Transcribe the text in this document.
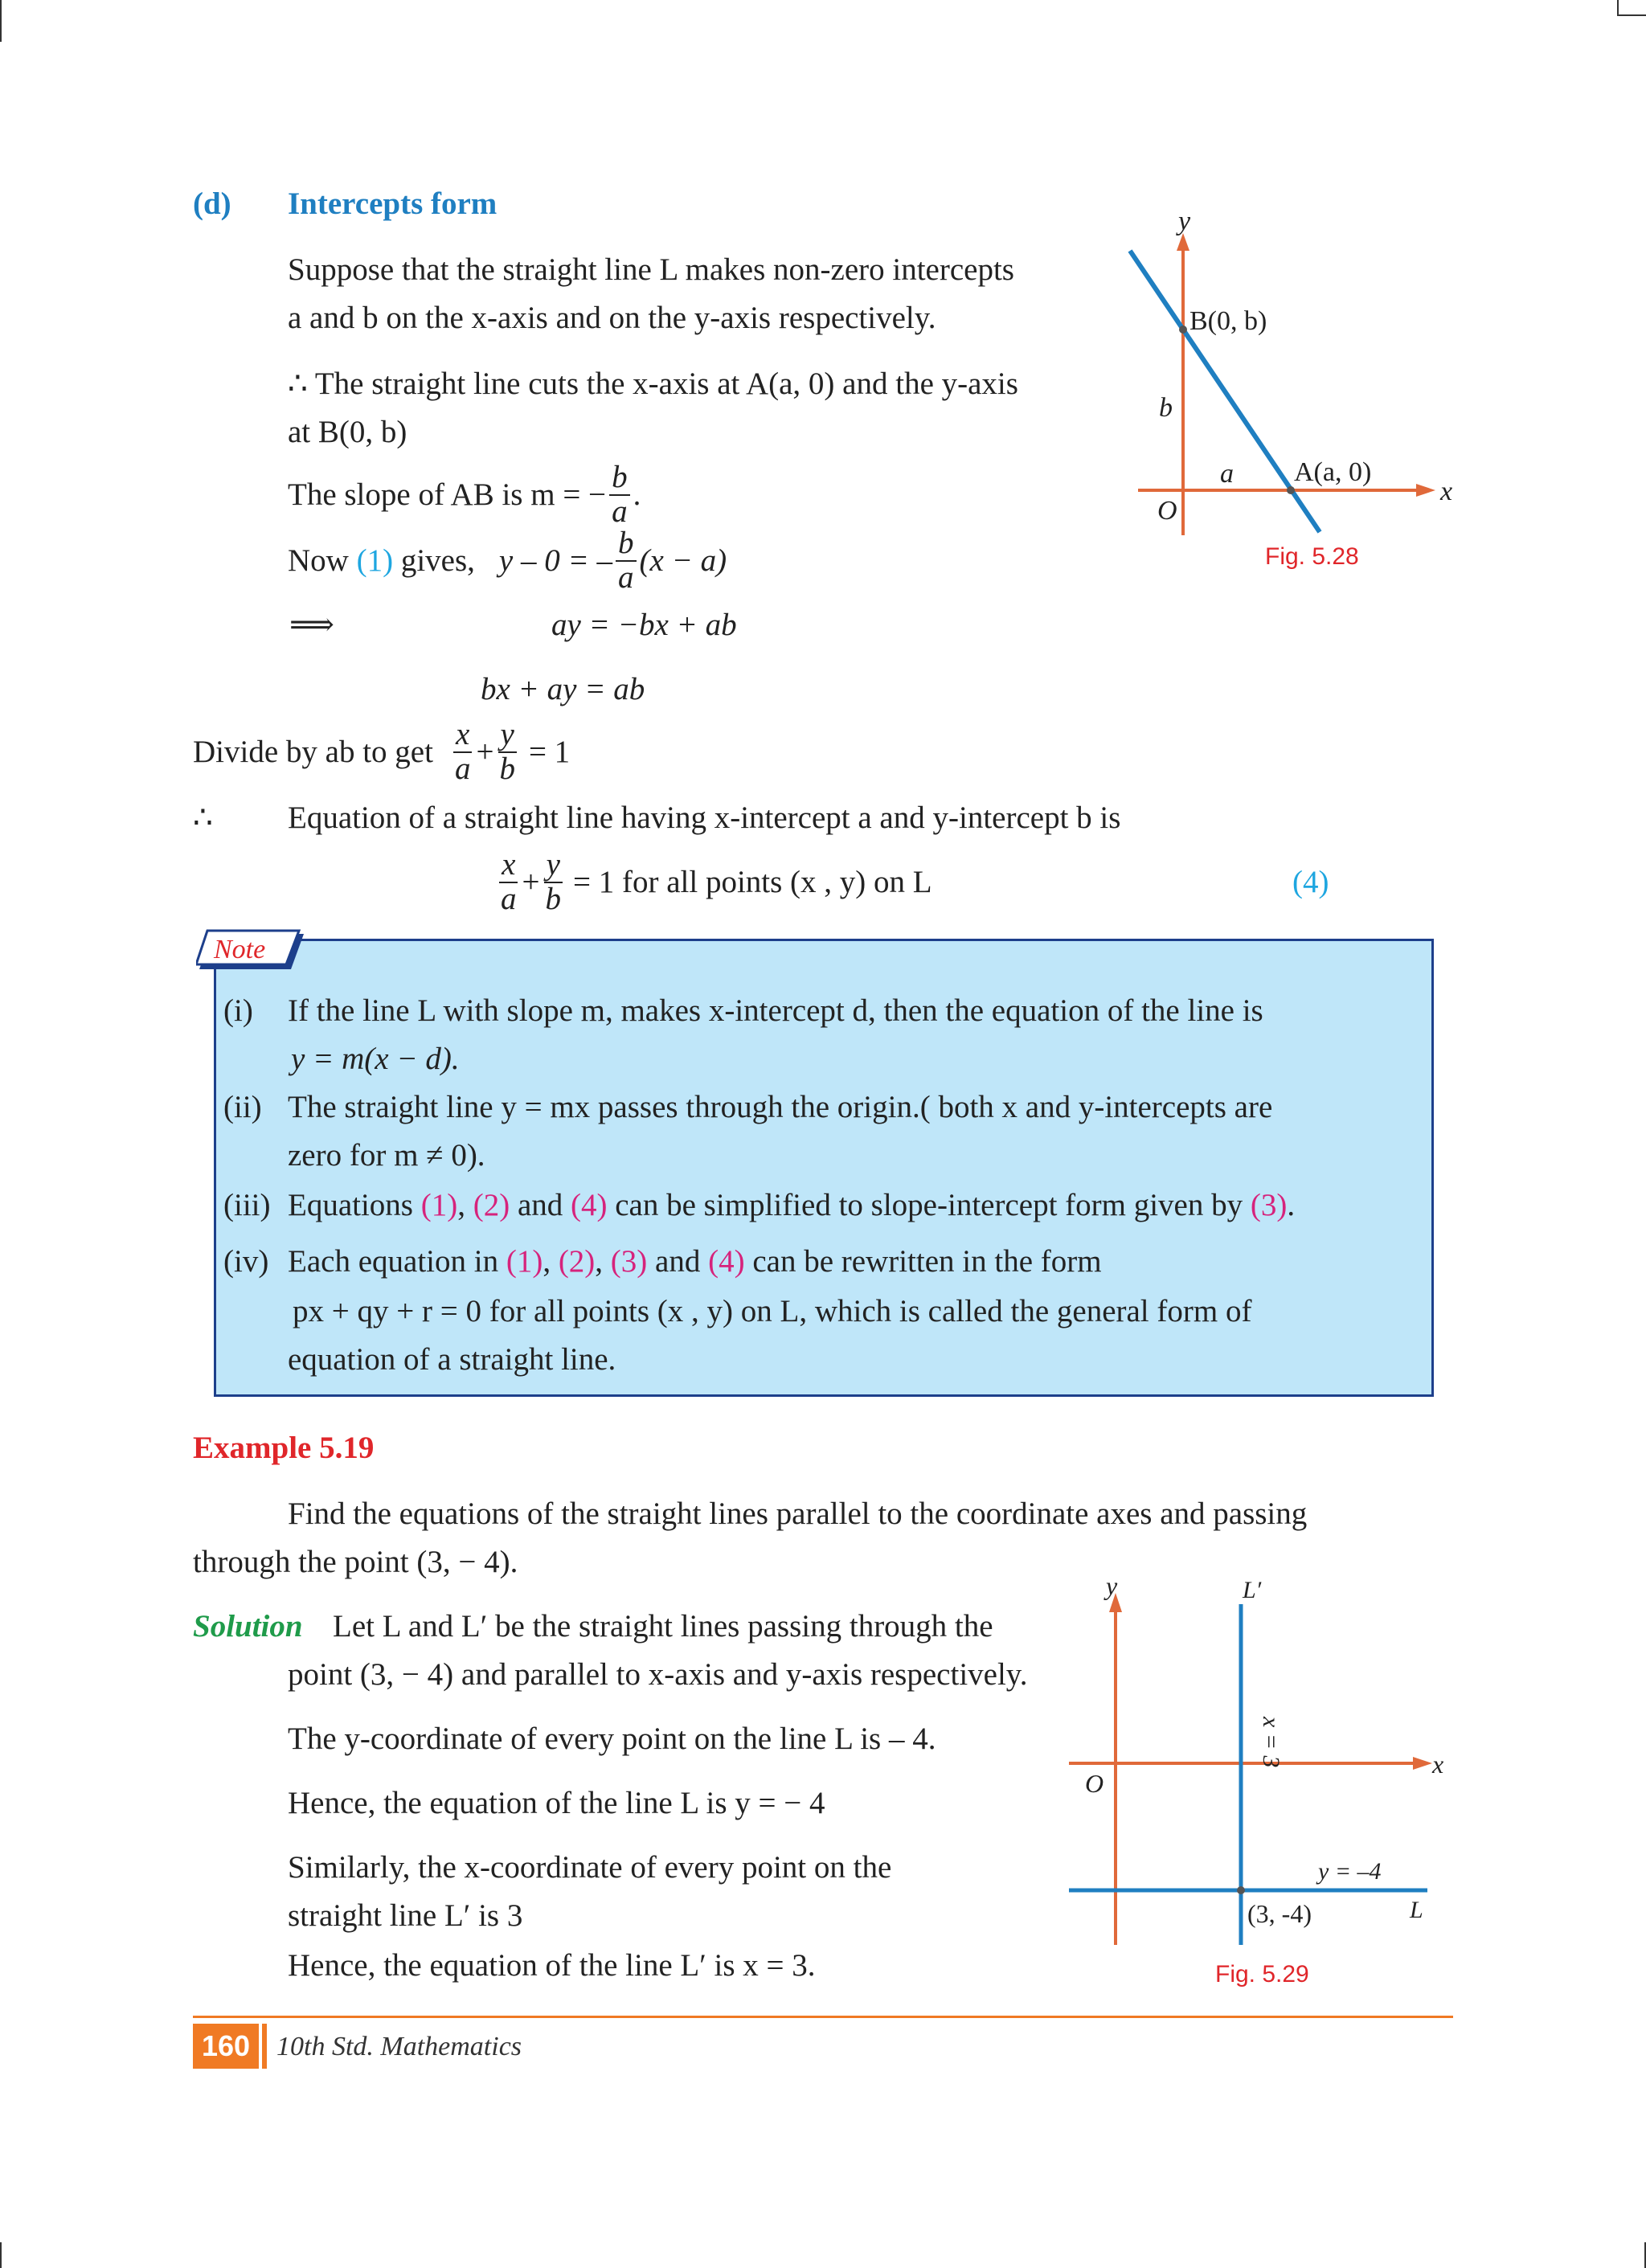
(d) Intercepts form
Suppose that the straight line L makes non-zero intercepts
a and b on the x-axis and on the y-axis respectively.
∴ The straight line cuts the x-axis at A(a, 0) and the y-axis
at B(0, b)
The slope of AB is m = − $\frac{b}{a}$ .
Now
(1)
gives, y – 0 = – $\frac{b}{a} (x - a)$
⟹	ay = −bx + ab
bx + ay = ab
Divide by ab to get $\frac{x}{a} + \frac{y}{b} = 1$
∴ Equation of a straight line having x-intercept a and y-intercept b is
$\frac{x}{a} + \frac{y}{b} = 1$ for all points (x , y) on L	(4)
y
x
O
B(0, b)
A(a, 0)
b
a
Fig. 5.28
Note
(i) If the line L with slope m, makes x-intercept d, then the equation of the line is
y = m(x − d).
(ii) The straight line y = mx passes through the origin.( both x and y-intercepts are
zero for m ≠ 0).
(iii) Equations (1), (2) and (4) can be simplified to slope-intercept form given by (3).
(iv) Each equation in (1), (2), (3) and (4) can be rewritten in the form
px + qy + r = 0 for all points (x , y) on L, which is called the general form of
equation of a straight line.
Example 5.19
Find the equations of the straight lines parallel to the coordinate axes and passing
through the point (3, − 4).
Solution Let L and L′ be the straight lines passing through the
point (3, − 4) and parallel to x-axis and y-axis respectively.
The y-coordinate of every point on the line L is – 4.
Hence, the equation of the line L is y = − 4
Similarly, the x-coordinate of every point on the
straight line L′ is 3
Hence, the equation of the line L′ is x = 3.
y
x
O
L′
x = 3
y = –4
(3, -4)	L
Fig. 5.29
160 10th Std. Mathematics
